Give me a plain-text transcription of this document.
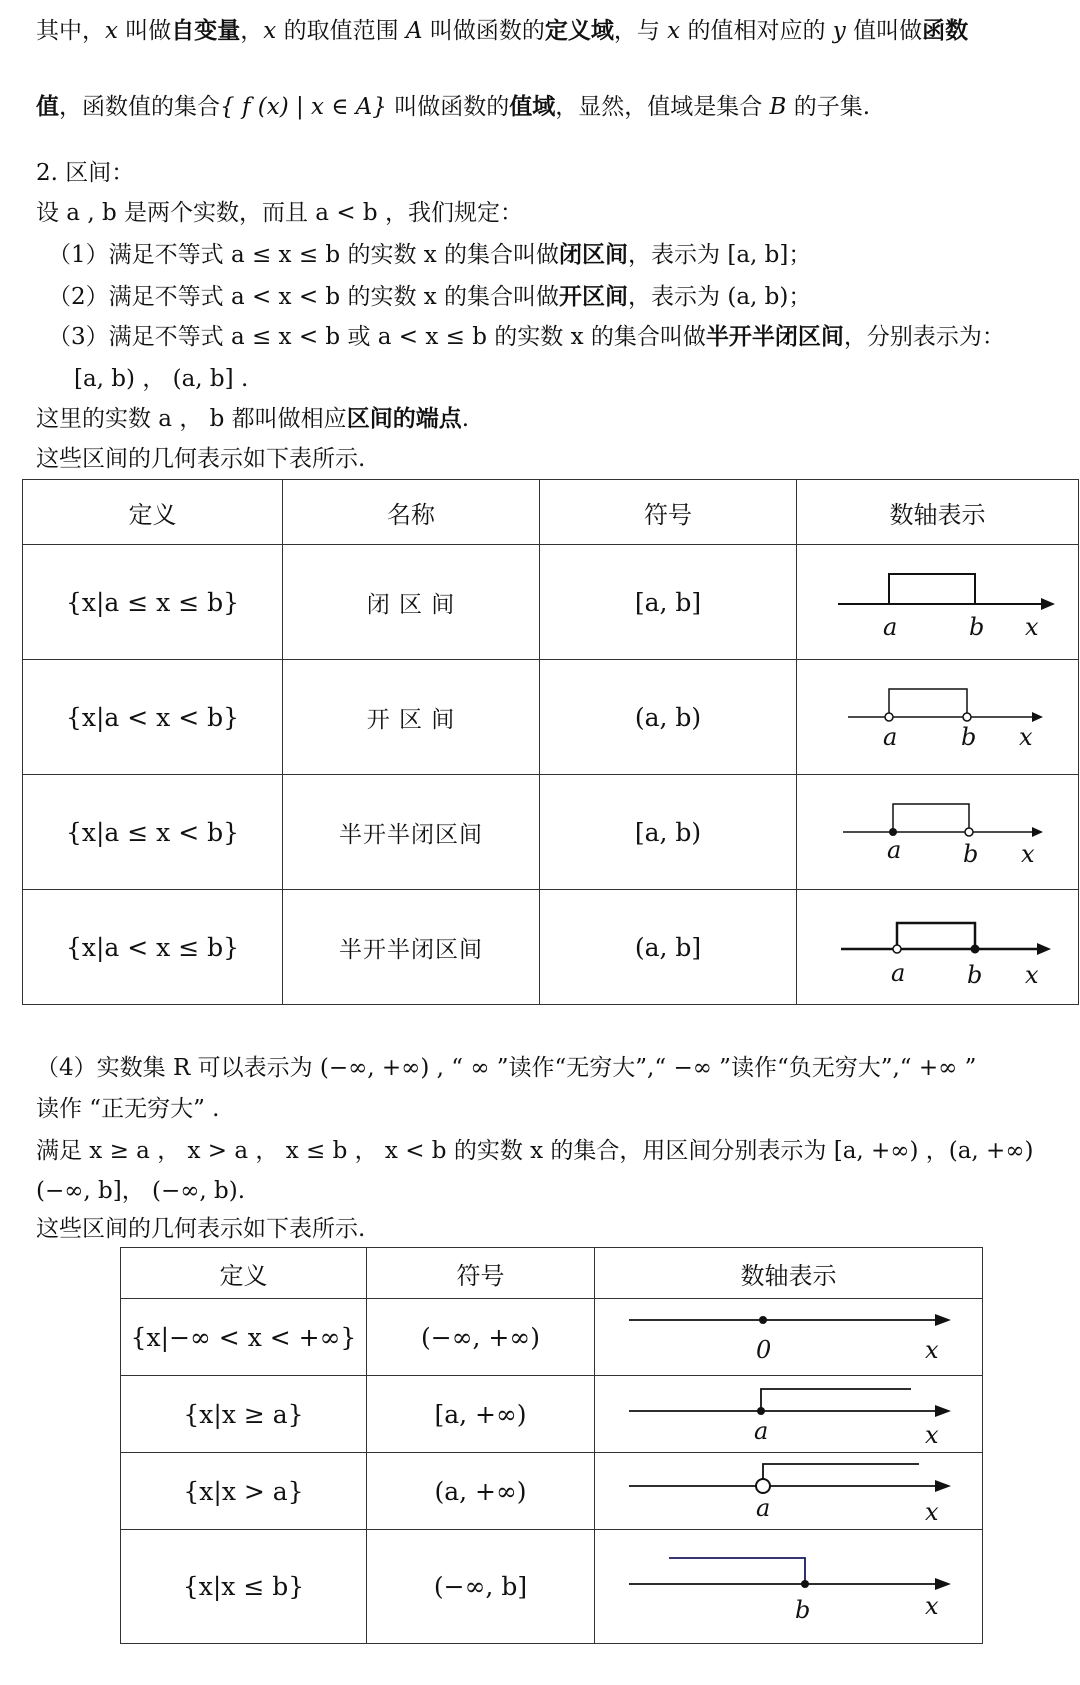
其中，x 叫做自变量，x 的取值范围 A 叫做函数的定义域，与 x 的值相对应的 y 值叫做函数
值，函数值的集合{ f (x) | x ∈ A} 叫做函数的值域，显然，值域是集合 B 的子集.
2. 区间：
设 a , b 是两个实数，而且 a < b ，我们规定：
（1）满足不等式 a ≤ x ≤ b 的实数 x 的集合叫做闭区间，表示为 [a, b]；
（2）满足不等式 a < x < b 的实数 x 的集合叫做开区间，表示为 (a, b)；
（3）满足不等式 a ≤ x < b 或 a < x ≤ b 的实数 x 的集合叫做半开半闭区间，分别表示为：
[a, b) ， (a, b] .
这里的实数 a ， b 都叫做相应区间的端点.
这些区间的几何表示如下表所示.
定义	名称	符号	数轴表示
{x|a ≤ x ≤ b}	闭 区 间	[a, b]	a b x

{x|a < x < b}	开 区 间	(a, b)	a b x

{x|a ≤ x < b}	半开半闭区间	[a, b)	a b x

{x|a < x ≤ b}	半开半闭区间	(a, b]	a b x
（4）实数集 R 可以表示为 (−∞, +∞) , “ ∞ ”读作“无穷大”,“ −∞ ”读作“负无穷大”,“ +∞ ”
读作 “正无穷大” .
满足 x ≥ a ， x > a ， x ≤ b ， x < b 的实数 x 的集合，用区间分别表示为 [a, +∞) ，(a, +∞)
(−∞, b]， (−∞, b).
这些区间的几何表示如下表所示.
定义	符号	数轴表示
{x|−∞ < x < +∞}	(−∞, +∞)	0 x

{x|x ≥ a}	[a, +∞)	a x

{x|x > a}	(a, +∞)	a x

{x|x ≤ b}	(−∞, b]	b x
